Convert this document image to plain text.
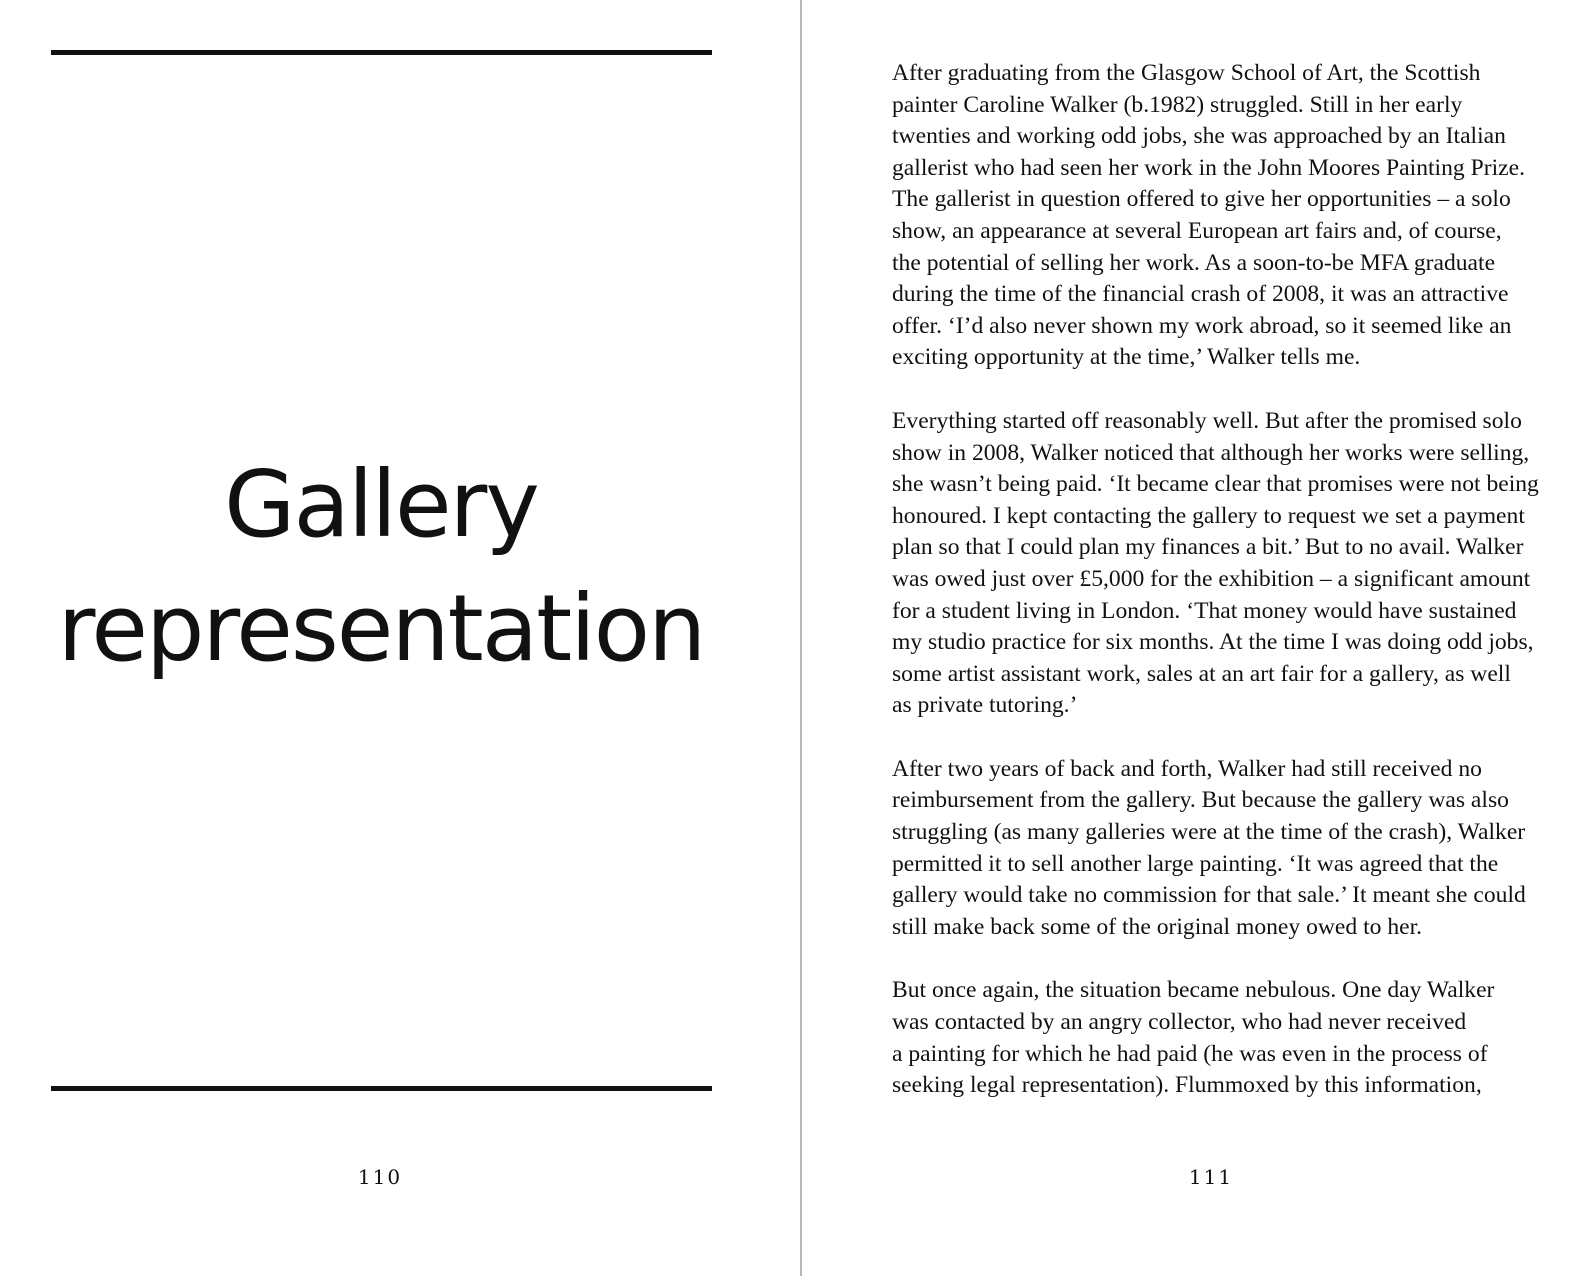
Gallery
representation
110

After graduating from the Glasgow School of Art, the Scottish
painter Caroline Walker (b.1982) struggled. Still in her early
twenties and working odd jobs, she was approached by an Italian
gallerist who had seen her work in the John Moores Painting Prize.
The gallerist in question offered to give her opportunities – a solo
show, an appearance at several European art fairs and, of course,
the potential of selling her work. As a soon-to-be MFA graduate
during the time of the financial crash of 2008, it was an attractive
offer. ‘I’d also never shown my work abroad, so it seemed like an
exciting opportunity at the time,’ Walker tells me.

Everything started off reasonably well. But after the promised solo
show in 2008, Walker noticed that although her works were selling,
she wasn’t being paid. ‘It became clear that promises were not being
honoured. I kept contacting the gallery to request we set a payment
plan so that I could plan my finances a bit.’ But to no avail. Walker
was owed just over £5,000 for the exhibition – a significant amount
for a student living in London. ‘That money would have sustained
my studio practice for six months. At the time I was doing odd jobs,
some artist assistant work, sales at an art fair for a gallery, as well
as private tutoring.’

After two years of back and forth, Walker had still received no
reimbursement from the gallery. But because the gallery was also
struggling (as many galleries were at the time of the crash), Walker
permitted it to sell another large painting. ‘It was agreed that the
gallery would take no commission for that sale.’ It meant she could
still make back some of the original money owed to her.

But once again, the situation became nebulous. One day Walker
was contacted by an angry collector, who had never received
a painting for which he had paid (he was even in the process of
seeking legal representation). Flummoxed by this information,

111
